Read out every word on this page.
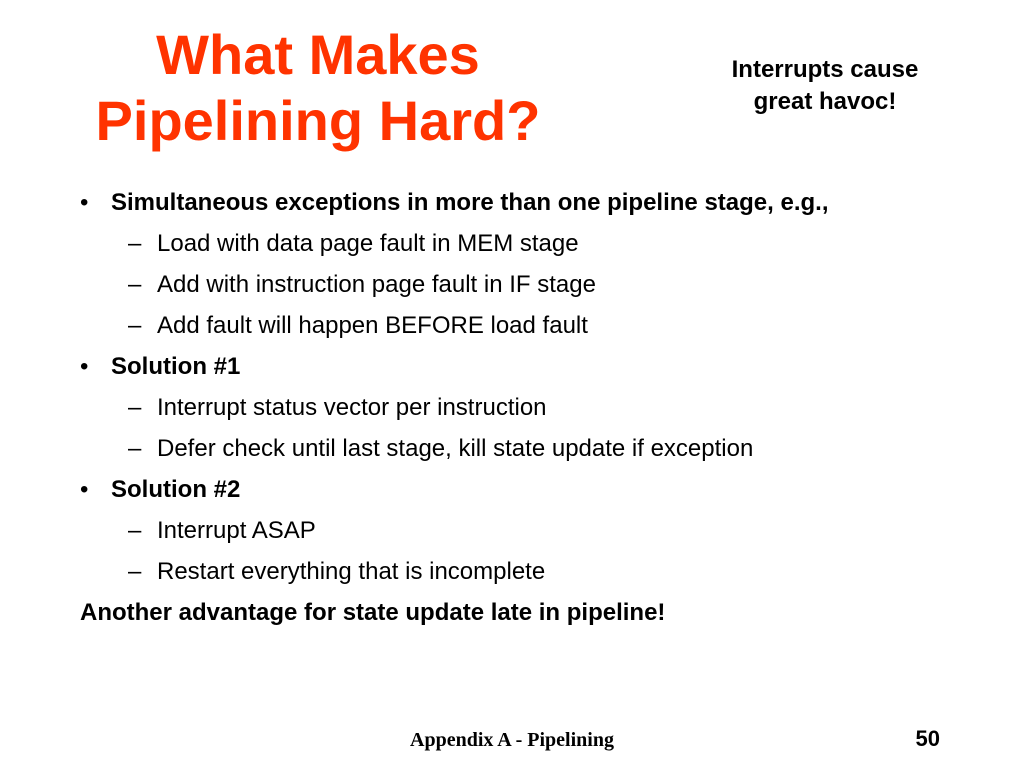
What Makes
Pipelining Hard?
Interrupts cause
great havoc!
• Simultaneous exceptions in more than one pipeline stage, e.g.,
– Load with data page fault in MEM stage
– Add with instruction page fault in IF stage
– Add fault will happen BEFORE load fault
• Solution #1
– Interrupt status vector per instruction
– Defer check until last stage, kill state update if exception
• Solution #2
– Interrupt ASAP
– Restart everything that is incomplete
Another advantage for state update late in pipeline!
Appendix A - Pipelining	50
